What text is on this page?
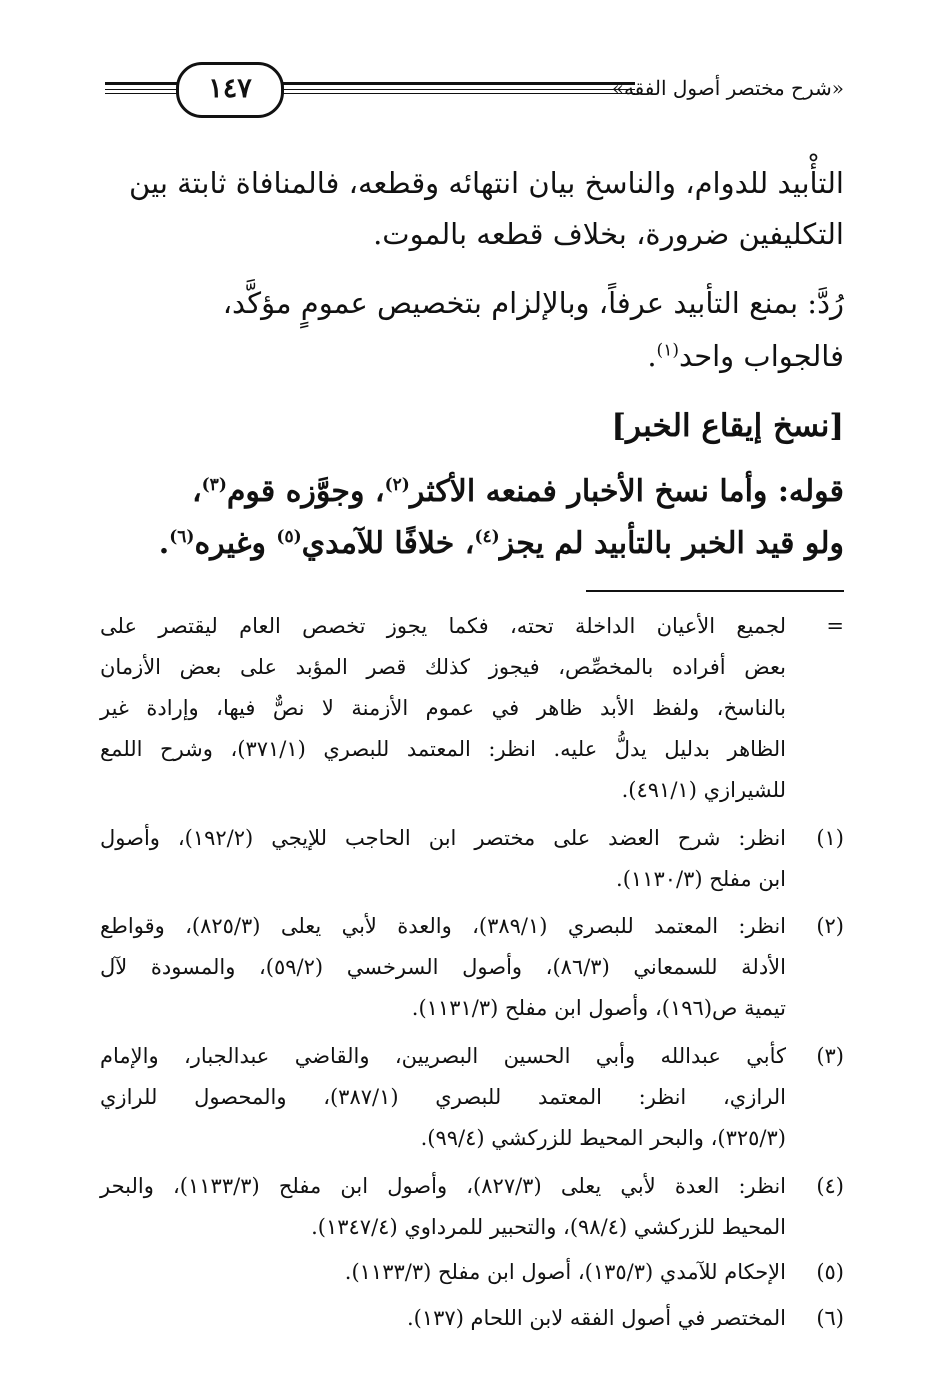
١٤٧	«شرح مختصر أصول الفقه»
التأْبيد للدوام، والناسخ بيان انتهائه وقطعه، فالمنافاة ثابتة بين
التكليفين ضرورة، بخلاف قطعه بالموت.
رُدَّ: بمنع التأبيد عرفاً، وبالإلزام بتخصيص عمومٍ مؤكَّد،
فالجواب واحد$^{(١)}$.
[نسخ إيقاع الخبر]
قوله: وأما نسخ الأخبار فمنعه الأكثر$^{(٢)}$، وجوَّزه قوم$^{(٣)}$،
ولو قيد الخبر بالتأبيد لم يجز$^{(٤)}$، خلافًا للآمدي$^{(٥)}$ وغيره$^{(٦)}$.
=
لجميع الأعيان الداخلة تحته، فكما يجوز تخصص العام ليقتصر على
بعض أفراده بالمخصِّص، فيجوز كذلك قصر المؤبد على بعض الأزمان
بالناسخ، ولفظ الأبد ظاهر في عموم الأزمنة لا نصٌّ فيها، وإرادة غير
الظاهر بدليل يدلُّ عليه. انظر: المعتمد للبصري (٣٧١/١)، وشرح اللمع
للشيرازي (٤٩١/١).
(١)
انظر: شرح العضد على مختصر ابن الحاجب للإيجي (١٩٢/٢)، وأصول
ابن مفلح (١١٣٠/٣).
(٢)
انظر: المعتمد للبصري (٣٨٩/١)، والعدة لأبي يعلى (٨٢٥/٣)، وقواطع
الأدلة للسمعاني (٨٦/٣)، وأصول السرخسي (٥٩/٢)، والمسودة لآل
تيمية ص(١٩٦)، وأصول ابن مفلح (١١٣١/٣).
(٣)
كأبي عبدالله وأبي الحسين البصريين، والقاضي عبدالجبار، والإمام
الرازي، انظر: المعتمد للبصري (٣٨٧/١)، والمحصول للرازي
(٣٢٥/٣)، والبحر المحيط للزركشي (٩٩/٤).
(٤)
انظر: العدة لأبي يعلى (٨٢٧/٣)، وأصول ابن مفلح (١١٣٣/٣)، والبحر
المحيط للزركشي (٩٨/٤)، والتحبير للمرداوي (١٣٤٧/٤).
(٥)
الإحكام للآمدي (١٣٥/٣)، أصول ابن مفلح (١١٣٣/٣).
(٦)
المختصر في أصول الفقه لابن اللحام (١٣٧).
